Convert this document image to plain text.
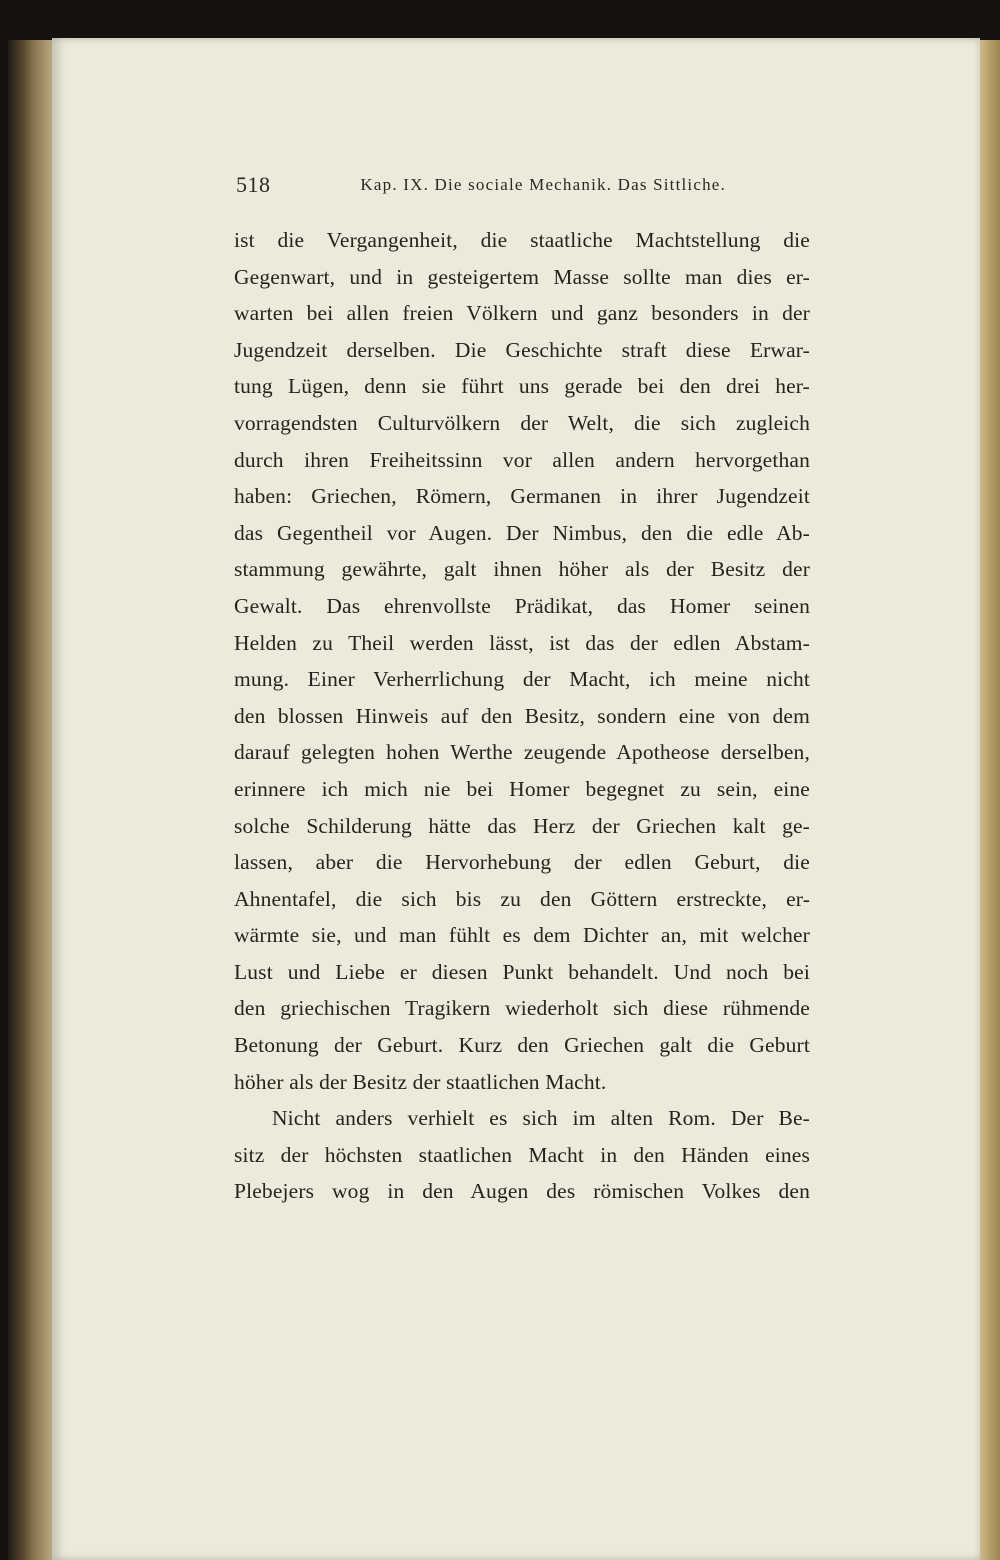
518	Kap. IX. Die sociale Mechanik. Das Sittliche.
ist die Vergangenheit, die staatliche Machtstellung die
Gegenwart, und in gesteigertem Masse sollte man dies er-
warten bei allen freien Völkern und ganz besonders in der
Jugendzeit derselben. Die Geschichte straft diese Erwar-
tung Lügen, denn sie führt uns gerade bei den drei her-
vorragendsten Culturvölkern der Welt, die sich zugleich
durch ihren Freiheitssinn vor allen andern hervorgethan
haben: Griechen, Römern, Germanen in ihrer Jugendzeit
das Gegentheil vor Augen. Der Nimbus, den die edle Ab-
stammung gewährte, galt ihnen höher als der Besitz der
Gewalt. Das ehrenvollste Prädikat, das Homer seinen
Helden zu Theil werden lässt, ist das der edlen Abstam-
mung. Einer Verherrlichung der Macht, ich meine nicht
den blossen Hinweis auf den Besitz, sondern eine von dem
darauf gelegten hohen Werthe zeugende Apotheose derselben,
erinnere ich mich nie bei Homer begegnet zu sein, eine
solche Schilderung hätte das Herz der Griechen kalt ge-
lassen, aber die Hervorhebung der edlen Geburt, die
Ahnentafel, die sich bis zu den Göttern erstreckte, er-
wärmte sie, und man fühlt es dem Dichter an, mit welcher
Lust und Liebe er diesen Punkt behandelt. Und noch bei
den griechischen Tragikern wiederholt sich diese rühmende
Betonung der Geburt. Kurz den Griechen galt die Geburt
höher als der Besitz der staatlichen Macht.
Nicht anders verhielt es sich im alten Rom. Der Be-
sitz der höchsten staatlichen Macht in den Händen eines
Plebejers wog in den Augen des römischen Volkes den
